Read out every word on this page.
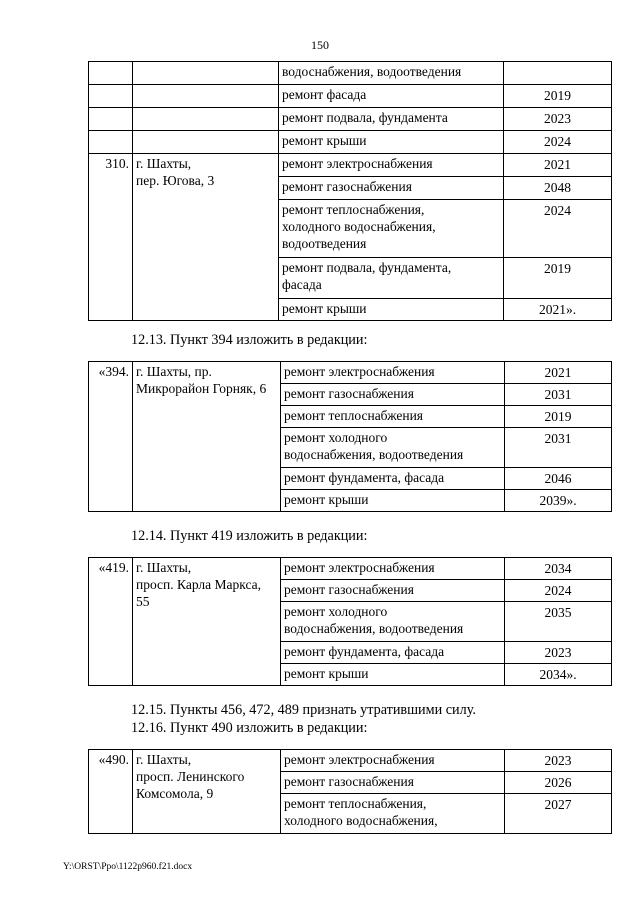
150
		водоснабжения, водоотведения	
		ремонт фасада	2019
		ремонт подвала, фундамента	2023
		ремонт крыши	2024
310.	г. Шахты,
пер. Югова, 3	ремонт электроснабжения	2021
		ремонт газоснабжения	2048
		ремонт теплоснабжения,
холодного водоснабжения,
водоотведения	2024
		ремонт подвала, фундамента,
фасада	2019
		ремонт крыши	2021».
12.13. Пункт 394 изложить в редакции:
«394.	г. Шахты, пр.
Микрорайон Горняк, 6	ремонт электроснабжения	2021
		ремонт газоснабжения	2031
		ремонт теплоснабжения	2019
		ремонт холодного
водоснабжения, водоотведения	2031
		ремонт фундамента, фасада	2046
		ремонт крыши	2039».
12.14. Пункт 419 изложить в редакции:
«419.	г. Шахты,
просп. Карла Маркса,
55	ремонт электроснабжения	2034
		ремонт газоснабжения	2024
		ремонт холодного
водоснабжения, водоотведения	2035
		ремонт фундамента, фасада	2023
		ремонт крыши	2034».
12.15. Пункты 456, 472, 489 признать утратившими силу.
12.16. Пункт 490 изложить в редакции:
«490.	г. Шахты,
просп. Ленинского
Комсомола, 9	ремонт электроснабжения	2023
		ремонт газоснабжения	2026
		ремонт теплоснабжения,
холодного водоснабжения,	2027
Y:\ORST\Ppo\1122p960.f21.docx
